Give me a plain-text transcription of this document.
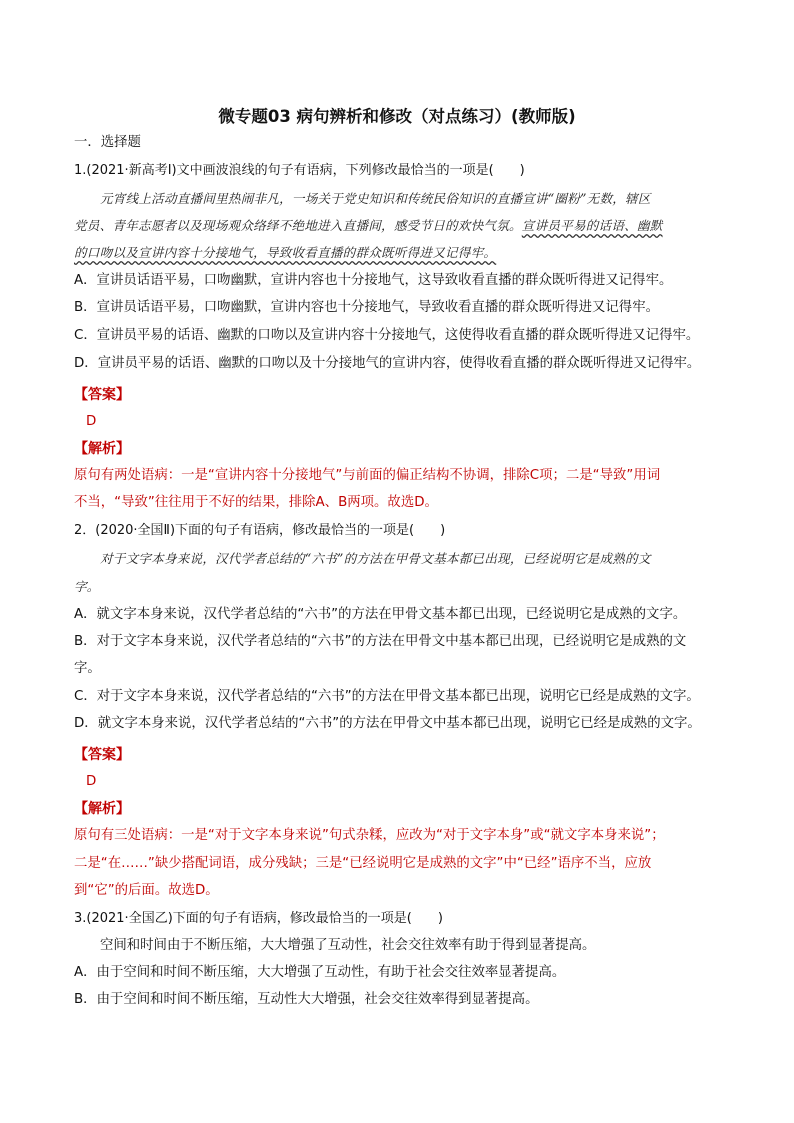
微专题03 病句辨析和修改（对点练习）(教师版)
一．选择题
1.(2021·新高考Ⅰ)文中画波浪线的句子有语病，下列修改最恰当的一项是(　　)
元宵线上活动直播间里热闹非凡，一场关于党史知识和传统民俗知识的直播宣讲“圈粉”无数，辖区
党员、青年志愿者以及现场观众络绎不绝地进入直播间，感受节日的欢快气氛。宣讲员平易的话语、幽默
的口吻以及宣讲内容十分接地气，导致收看直播的群众既听得进又记得牢。
A．宣讲员话语平易，口吻幽默，宣讲内容也十分接地气，这导致收看直播的群众既听得进又记得牢。
B．宣讲员话语平易，口吻幽默，宣讲内容也十分接地气，导致收看直播的群众既听得进又记得牢。
C．宣讲员平易的话语、幽默的口吻以及宣讲内容十分接地气，这使得收看直播的群众既听得进又记得牢。
D．宣讲员平易的话语、幽默的口吻以及十分接地气的宣讲内容，使得收看直播的群众既听得进又记得牢。
【答案】
D
【解析】
原句有两处语病：一是“宣讲内容十分接地气”与前面的偏正结构不协调，排除C项；二是“导致”用词
不当，“导致”往往用于不好的结果，排除A、B两项。故选D。
2．(2020·全国Ⅱ)下面的句子有语病，修改最恰当的一项是(　　)
对于文字本身来说，汉代学者总结的“六书”的方法在甲骨文基本都已出现，已经说明它是成熟的文
字。
A．就文字本身来说，汉代学者总结的“六书”的方法在甲骨文基本都已出现，已经说明它是成熟的文字。
B．对于文字本身来说，汉代学者总结的“六书”的方法在甲骨文中基本都已出现，已经说明它是成熟的文
字。
C．对于文字本身来说，汉代学者总结的“六书”的方法在甲骨文基本都已出现，说明它已经是成熟的文字。
D．就文字本身来说，汉代学者总结的“六书”的方法在甲骨文中基本都已出现，说明它已经是成熟的文字。
【答案】
D
【解析】
原句有三处语病：一是“对于文字本身来说”句式杂糅，应改为“对于文字本身”或“就文字本身来说”；
二是“在……”缺少搭配词语，成分残缺；三是“已经说明它是成熟的文字”中“已经”语序不当，应放
到“它”的后面。故选D。
3.(2021·全国乙)下面的句子有语病，修改最恰当的一项是(　　)
空间和时间由于不断压缩，大大增强了互动性，社会交往效率有助于得到显著提高。
A．由于空间和时间不断压缩，大大增强了互动性，有助于社会交往效率显著提高。
B．由于空间和时间不断压缩，互动性大大增强，社会交往效率得到显著提高。
